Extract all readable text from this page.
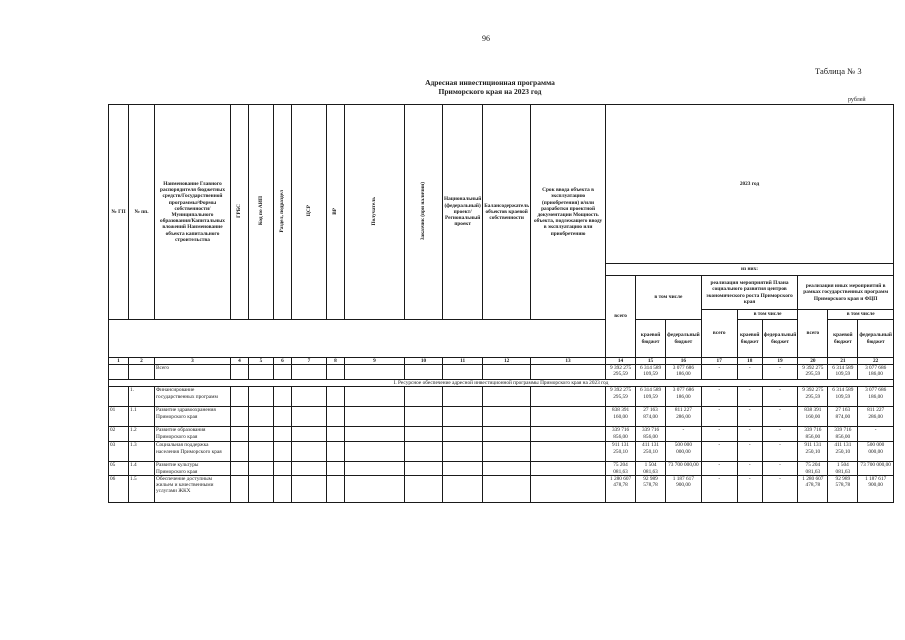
96
Таблица № 3
Адресная инвестиционная программа
Приморского края на 2023 год
рублей
№ ГП	№ пп.	Наименование Главного распорядителя бюджетных средств/Государственной программы/Формы собственности/Муниципального образования/Капитальных вложений Наименование объекта капитального строительства	ГРБС	Код по АИП	Раздел, подраздел	ЦСР	ВР	Получатель	Заказчик (при наличии)	Национальный (федеральный) проект/ Региональный проект	Балансодержатель объектов краевой собственности	Срок ввода объекта в эксплуатацию (приобретения) и/или разработки проектной документации Мощность объекта, подлежащего вводу в эксплуатацию или приобретению	2023 год								
													из них:								
													всего	в том числе		реализация мероприятий Плана социального развития центров экономического роста Приморского края			реализация иных мероприятий в рамках государственных программ Приморского края и ФЦП		
																всего	в том числе		всего	в том числе	
														краевой бюджет	федеральный бюджет		краевой бюджет	федеральный бюджет		краевой бюджет	федеральный бюджет
1	2	3	4	5	6	7	8	9	10	11	12	13	14	15	16	17	18	19	20	21	22
		Всего											9 392 275 295,59	6 314 589 109,59	3 077 686 186,00	-	-	-	9 392 275 295,59	6 314 589 109,59	3 077 686 186,00
I. Ресурсное обеспечение адресной инвестиционной программы Приморского края на 2023 год																					
	1.	Финансирование государственных программ											9 392 275 295,59	6 314 589 109,59	3 077 686 186,00	-	-	-	9 392 275 295,59	6 314 589 109,59	3 077 686 186,00
01	1.1	Развитие здравоохранения Приморского края											838 391 160,00	27 163 874,00	811 227 286,00	-	-	-	838 391 160,00	27 163 874,00	811 227 286,00
02	1.2	Развитие образования Приморского края											339 716 856,00	339 716 856,00	-	-	-	-	339 716 856,00	339 716 856,00	-
03	1.3	Социальная поддержка населения Приморского края											911 131 250,10	411 131 250,10	500 000 000,00	-	-	-	911 131 250,10	411 131 250,10	500 000 000,00
05	1.4	Развитие культуры Приморского края											75 204 081,63	1 504 081,63	73 700 000,00	-	-	-	75 204 081,63	1 504 081,63	73 700 000,00
06	1.5	Обеспечение доступным жильем и качественными услугами ЖКХ											1 280 607 478,78	92 989 578,78	1 187 617 900,00	-	-	-	1 280 607 478,78	92 989 578,78	1 187 617 900,00
